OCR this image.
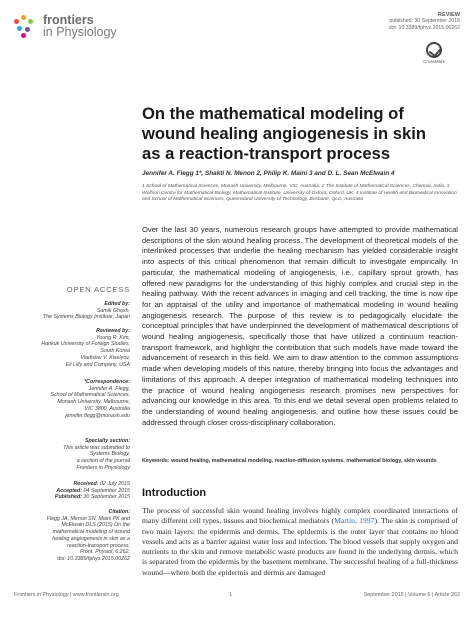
frontiers
in Physiology
REVIEW
published: 30 September 2015
doi: 10.3389/fphys.2015.00262
CrossMark
On the mathematical modeling of wound healing angiogenesis in skin as a reaction-transport process
Jennifer A. Flegg 1*, Shakti N. Menon 2, Philip K. Maini 3 and D. L. Sean McElwain 4
1 School of Mathematical Sciences, Monash University, Melbourne, VIC, Australia, 2 The Institute of Mathematical Sciences, Chennai, India, 3 Wolfson Centre for Mathematical Biology, Mathematical Institute, University of Oxford, Oxford, UK, 4 Institute of Health and Biomedical Innovation and School of Mathematical Sciences, Queensland University of Technology, Brisbane, QLD, Australia

Over the last 30 years, numerous research groups have attempted to provide mathematical descriptions of the skin wound healing process. The development of theoretical models of the interlinked processes that underlie the healing mechanism has yielded considerable insight into aspects of this critical phenomenon that remain difficult to investigate empirically. In particular, the mathematical modeling of angiogenesis, i.e., capillary sprout growth, has offered new paradigms for the understanding of this highly complex and crucial step in the healing pathway. With the recent advances in imaging and cell tracking, the time is now ripe for an appraisal of the utility and importance of mathematical modeling in wound healing angiogenesis research. The purpose of this review is to pedagogically elucidate the conceptual principles that have underpinned the development of mathematical descriptions of wound healing angiogenesis, specifically those that have utilized a continuum reaction-transport framework, and highlight the contribution that such models have made toward the advancement of research in this field. We aim to draw attention to the common assumptions made when developing models of this nature, thereby bringing into focus the advantages and limitations of this approach. A deeper integration of mathematical modeling techniques into the practice of wound healing angiogenesis research promises new perspectives for advancing our knowledge in this area. To this end we detail several open problems related to the understanding of wound healing angiogenesis, and outline how these issues could be addressed through closer cross-disciplinary collaboration.

Keywords: wound healing, mathematical modeling, reaction-diffusion systems, mathematical biology, skin wounds

OPEN ACCESS
Edited by:
Samik Ghosh,
The Systems Biology Institute, Japan
Reviewed by:
Young R. Kim,
Hankuk University of Foreign Studies,
South Korea
Vladislav V. Kiselyov,
Eli Lilly and Company, USA
*Correspondence:
Jennifer A. Flegg,
School of Mathematical Sciences,
Monash University, Melbourne,
VIC 3800, Australia
jennifer.flegg@monash.edu
Specialty section:
This article was submitted to
Systems Biology,
a section of the journal
Frontiers in Physiology
Received: 02 July 2015
Accepted: 04 September 2015
Published: 30 September 2015
Citation:
Flegg JA, Menon SN, Maini PK and
McElwain DLS (2015) On the
mathematical modeling of wound
healing angiogenesis in skin as a
reaction-transport process.
Front. Physiol. 6:262.
doi: 10.3389/fphys.2015.00262
Introduction

The process of successful skin wound healing involves highly complex coordinated interactions of many different cell types, tissues and biochemical mediators (Martin, 1997). The skin is comprised of two main layers: the epidermis and dermis. The epidermis is the outer layer that contains no blood vessels and acts as a barrier against water loss and infection. The blood vessels that supply oxygen and nutrients to the skin and remove metabolic waste products are found in the underlying dermis, which is separated from the epidermis by the basement membrane. The successful healing of a full-thickness wound—where both the epidermis and dermis are damaged

Frontiers in Physiology | www.frontiersin.org	1	September 2015 | Volume 6 | Article 262
